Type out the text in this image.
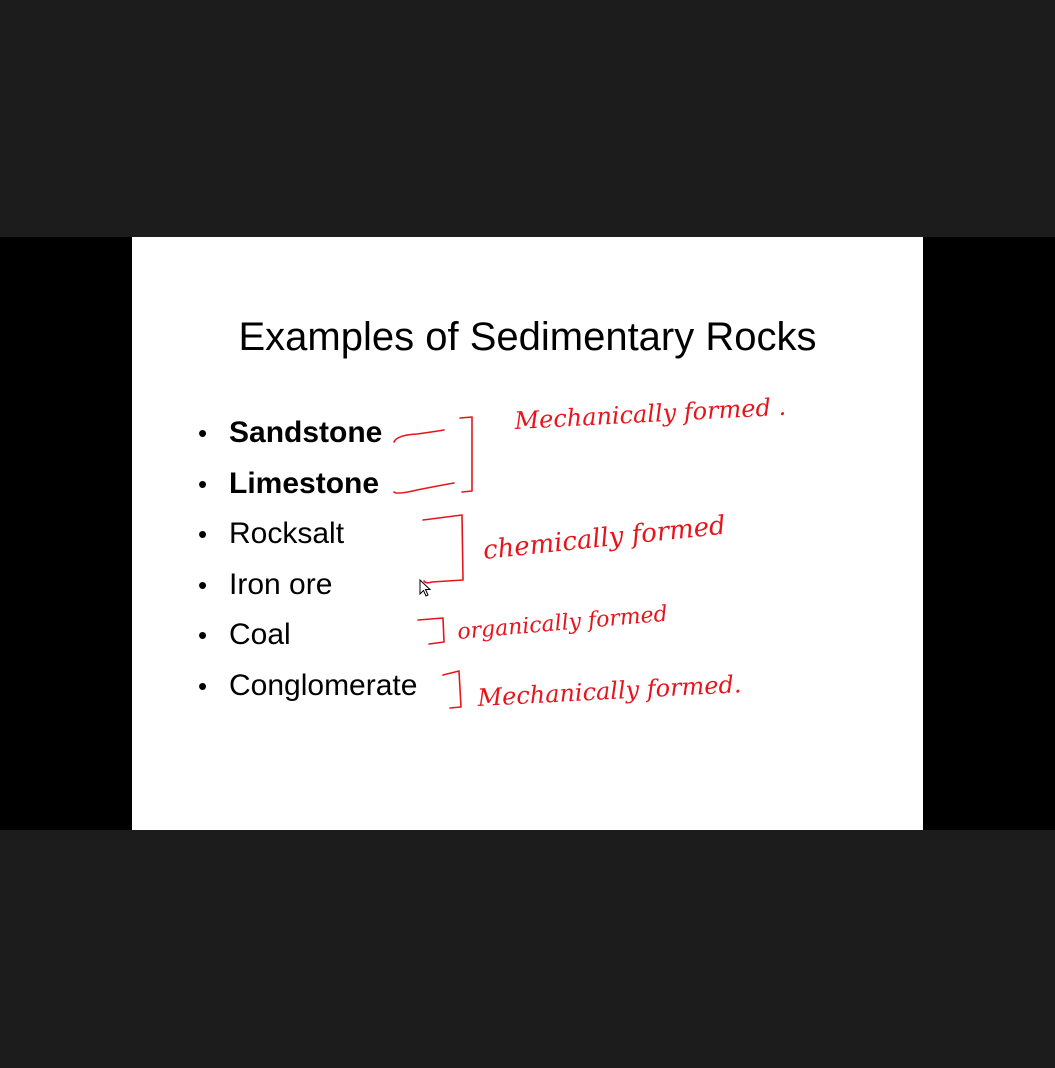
Examples of Sedimentary Rocks
• Sandstone
• Limestone
• Rocksalt
• Iron ore
• Coal
• Conglomerate
Mechanically formed .
chemically formed
organically formed
Mechanically formed.
